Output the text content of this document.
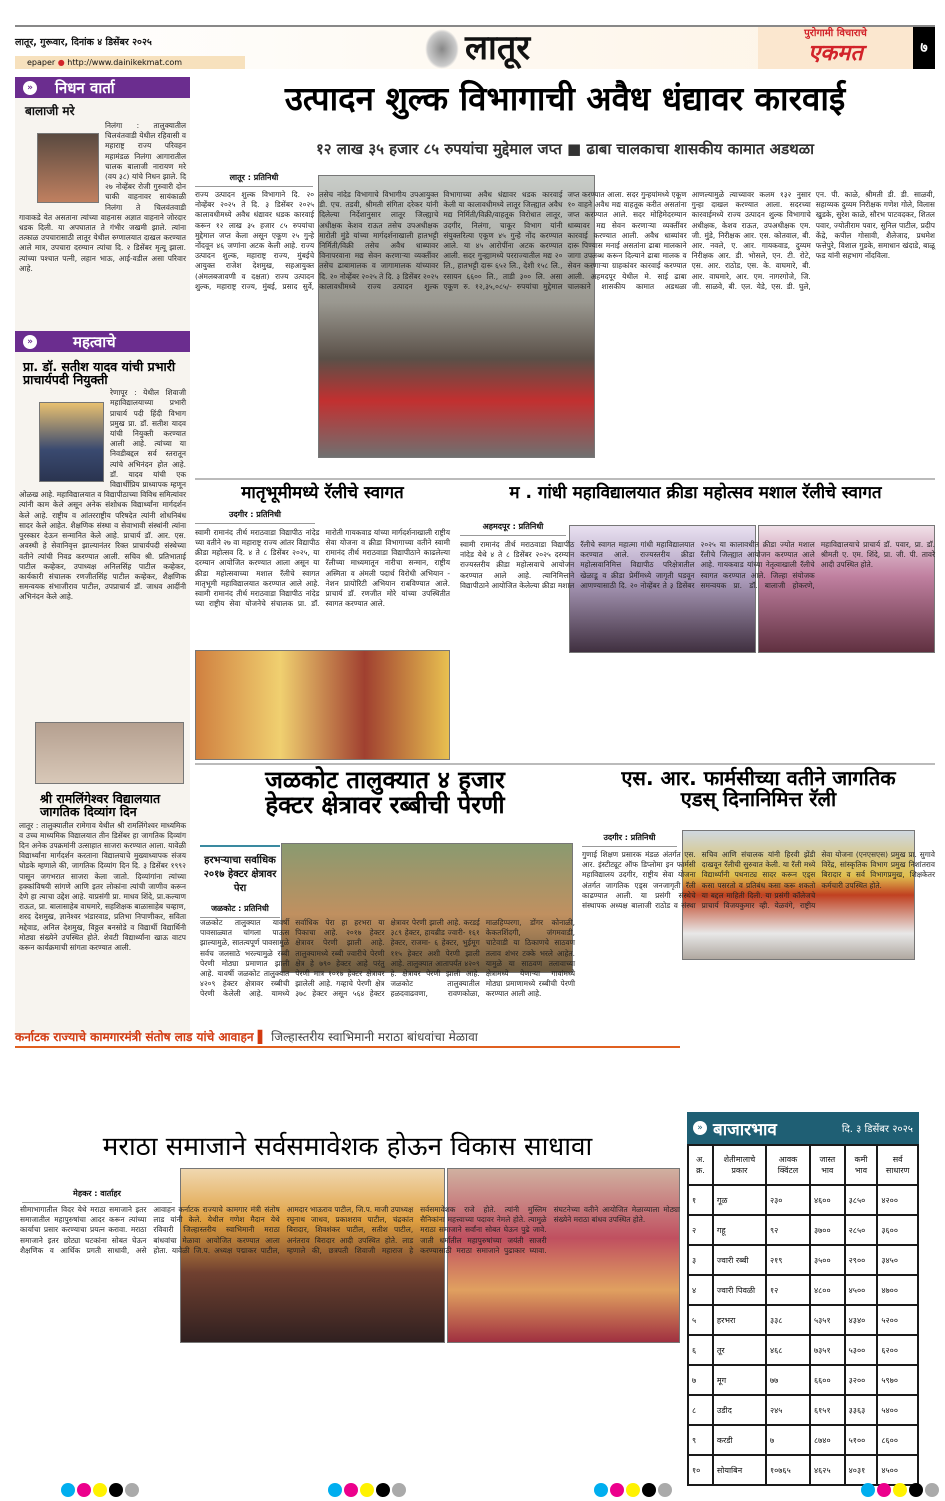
लातूर, गुरूवार, दिनांक ४ डिसेंबर २०२५
epaper ● http://www.dainikekmat.com	लातूर	पुरोगामी विचाराचे
एकमत	७
» निधन वार्ता
बालाजी मरे
निलंगा : तालुक्यातील चिलवंतवाडी येथील रहिवासी व महाराष्ट्र राज्य परिवहन महामंडळ निलंगा आगारातील चालक बालाजी नारायण मरे (वय ३८) यांचे निधन झाले. दि २७ नोव्हेंबर रोजी गुरुवारी दोन चाकी वाहनावर सायंकाळी निलंगा ते चिलवंतवाडी गावाकडे येत असताना त्यांच्या वाहनास अज्ञात वाहनाने जोरदार धडक दिली. या अपघातात ते गंभीर जखमी झाले. त्यांना तत्काळ उपचारासाठी लातूर येथील रुग्णालयात दाखल करण्यात आले मात्र, उपचारा दरम्यान त्यांचा दि. २ डिसेंबर मृत्यू झाला. त्यांच्या पश्चात पत्नी, लहान भाऊ, आई-वडील असा परिवार आहे.
»	महत्वाचे
प्रा. डॉ. सतीश यादव यांची प्रभारी प्राचार्यपदी नियुक्ती
रेणापूर : येथील शिवाजी महाविद्यालयाच्या प्रभारी प्राचार्य पदी हिंदी विभाग प्रमुख प्रा. डॉ. सतीश यादव यांची नियुक्ती करण्यात आली आहे. त्यांच्या या निवडीबद्दल सर्व स्तरातून त्यांचे अभिनंदन होत आहे. डॉ. यादव यांची एक विद्यार्थीप्रिय प्राध्यापक म्हणून ओळख आहे. महाविद्यालयात व विद्यापीठाच्या विविध समित्यांवर त्यांनी काम केले असून अनेक संशोधक विद्यार्थ्यांना मार्गदर्शन केले आहे. राष्ट्रीय व आंतरराष्ट्रीय परिषदेत त्यांनी शोधनिबंध सादर केले आहेत. शैक्षणिक संस्था व सेवाभावी संस्थांनी त्यांना पुरस्कार देऊन सन्मानित केले आहे. प्राचार्य डॉ. आर. एस. अवस्थी हे सेवानिवृत्त झाल्यानंतर रिक्त प्राचार्यपदी संस्थेच्या वतीने त्यांची निवड करण्यात आली. सचिव श्री. प्रतिभाताई पाटील कव्हेकर, उपाध्यक्ष अनिलसिंह पाटील कव्हेकर, कार्यकारी संचालक रणजीतसिंह पाटील कव्हेकर, शैक्षणिक समन्वयक संभाजीराव पाटील, उपप्राचार्य डॉ. जाधव आदींनी अभिनंदन केले आहे.
श्री रामलिंगेश्वर विद्यालयात जागतिक दिव्यांग दिन
लातूर : तालुक्यातील रामेगाव येथील श्री रामलिंगेश्वर माध्यमिक व उच्च माध्यमिक विद्यालयात तीन डिसेंबर हा जागतिक दिव्यांग दिन अनेक उपक्रमांनी उत्साहात साजरा करण्यात आला. यावेळी विद्यार्थ्यांना मार्गदर्शन करताना विद्यालयाचे मुख्याध्यापक संजय घोडके म्हणाले की, जागतिक दिव्यांग दिन दि. ३ डिसेंबर १९९२ पासून जगभरात साजरा केला जातो. दिव्यांगांना त्यांच्या हक्कांविषयी सांगणे आणि इतर लोकांना त्यांची जाणीव करून देणे हा त्याचा उद्देश आहे. याप्रसंगी प्रा. माधव शिंदे, प्रा.कल्याण राऊत, प्रा. बालासाहेब वाघमारे, सहशिक्षक बाळासाहेब चव्हाण, शरद देशमुख, ज्ञानेश्वर भंडारवाड, प्रतिभा निपाणीकर, सविता मद्देवाड, अनिल देशमुख, विठ्ठल बनसोडे व विद्यार्थी विद्यार्थिनी मोठ्या संख्येने उपस्थित होते. शेवटी विद्यार्थ्यांना खाऊ वाटप करून कार्यक्रमाची सांगता करण्यात आली.
उत्पादन शुल्क विभागाची अवैध धंद्यावर कारवाई
१२ लाख ३५ हजार ८५ रुपयांचा मुद्देमाल जप्त ■ ढाबा चालकाचा शासकीय कामात अडथळा
लातूर : प्रतिनिधी
राज्य उत्पादन शुल्क विभागाने दि. २० नोव्हेंबर २०२५ ते दि. ३ डिसेंबर २०२५ कालावधीमध्ये अवैध धंद्यावर धडक कारवाई करून १२ लाख ३५ हजार ८५ रुपयांचा मुद्देमाल जप्त केला असून एकूण २५ गुन्हे नोंदवून ४६ जणांना अटक केली आहे. राज्य उत्पादन शुल्क, महाराष्ट्र राज्य, मुंबईचे आयुक्त राजेश देशमुख, सहआयुक्त (अंमलबजावणी व दक्षता) राज्य उत्पादन शुल्क, महाराष्ट्र राज्य, मुंबई, प्रसाद सुर्वे, तसेच नांदेड विभागाचे विभागीय उपआयुक्त डी. एच. तडवी, श्रीमती संगिता दरेकर यांनी दिलेल्या निर्देशानुसार लातूर जिल्ह्याचे अधीक्षक केशव राऊत तसेच उपअधीक्षक मारोती मुंडे यांच्या मार्गदर्शनाखाली हातभट्टी निर्मिती/विक्री तसेच अवैध धाब्यावर विनापरवाना मद्य सेवन करणाऱ्या व्यक्तींवर तसेच ढाबामालक व जागामालक यांच्यावर दि. २० नोव्हेंबर २०२५ ते दि. ३ डिसेंबर २०२५ कालावधीमध्ये राज्य उत्पादन शुल्क विभागाच्या अवैध धंद्यावर धडक कारवाई केली या कालावधीमध्ये लातूर जिल्ह्यात अवैध मद्य निर्मिती/विक्री/वाहतूक विरोधात लातूर, उदगीर, निलंगा, चाकूर विभाग यांनी संयुक्तरित्या एकूण ४५ गुन्हे नोंद करण्यात आले. या ४५ आरोपींना अटक करण्यात आली. सदर गुन्ह्यामध्ये परराज्यातील मद्य २० लि., हातभट्टी दारू ६५२ लि., देशी १५८ लि., रसायन ६६०० लि., ताडी ३०० लि. असा एकूण रु. १२,३५,०८५/- रुपयांचा मुद्देमाल जप्त करण्यात आला. सदर गुन्हयांमध्ये एकूण १० वाहने अवैध मद्य वाहतूक करीत असतांना जप्त करण्यात आले. सदर मोहिमेदरम्यान धाब्यावर मद्य सेवन करणाऱ्या व्यक्तींवर कारवाई करण्यात आली. अवैध धाब्यांवर दारू पिण्यास मनाई असतांना ढाबा मालकाने जागा उपलब्ध करून दिल्याने ढाबा मालक व सेवन करणाऱ्या ग्राहकांवर कारवाई करण्यात आली. अहमदपूर येथील मे. साई ढाबा चालकाने शासकीय कामात अडथळा आणल्यामुळे त्याच्यावर कलम १३२ नुसार गुन्हा दाखल करण्यात आला. सदरच्या कारवाईमध्ये राज्य उत्पादन शुल्क विभागाचे अधीक्षक, केशव राऊत, उपअधीक्षक एम. जी. मुंडे, निरीक्षक आर. एस. कोतवाल, बी. आर. नवले, ए. आर. गायकवाड, दुय्यम निरीक्षक आर. डी. भोसले, एन. टी. रोटे, एस. आर. राठोड, एस. के. वाघमारे, बी. आर. वाघमारे, आर. एम. नागरगोजे, जि. जी. साळवे, बी. एल. येडे, एस. डी. घुले, एन. पी. काळे, श्रीमती डी. डी. साळवी, सहाय्यक दुय्यम निरीक्षक गणेश गोले, विलास खुडके, सुरेश काळे, सौरभ पाटवदकर, शितल पवार, ज्योतीराम पवार, सुनिल पाटील, प्रदीप केंद्रे, कपील गोसावी, शैलेजाद, प्रथमेश फत्तेपुरे, विशाल गुडके, समाधान खंदाडे, बाळू फड यांनी सहभाग नोंदविला.
मातृभूमीमध्ये रॅलीचे स्वागत
उदगीर : प्रतिनिधी
स्वामी रामानंद तीर्थ मराठवाडा विद्यापीठ नांदेड च्या वतीने २७ वा महाराष्ट्र राज्य आंतर विद्यापीठ क्रीडा महोत्सव दि. ४ ते ८ डिसेंबर २०२५, या दरम्यान आयोजित करण्यात आला असून या क्रीडा महोत्सवाच्या मशाल रॅलीचे स्वागत मातृभूमी महाविद्यालयात करण्यात आले आहे. स्वामी रामानंद तीर्थ मराठवाडा विद्यापीठ नांदेड च्या राष्ट्रीय सेवा योजनेचे संचालक प्रा. डॉ. मारोती गायकवाड यांच्या मार्गदर्शनाखाली राष्ट्रीय सेवा योजना व क्रीडा विभागाच्या वतीने स्वामी रामानंद तीर्थ मराठवाडा विद्यापीठाने काढलेल्या रॅलीच्या माध्यमातून नारीचा सन्मान, राष्ट्रीय अस्मिता व अंमली पदार्थ विरोधी अभियान - नेशन प्रायोरिटी अभियान राबविण्यात आले. प्राचार्य डॉ. रणजीत मोरे यांच्या उपस्थितीत स्वागत करण्यात आले.
म . गांधी महाविद्यालयात क्रीडा महोत्सव मशाल रॅलीचे स्वागत
अहमदपूर : प्रतिनिधी
स्वामी रामानंद तीर्थ मराठवाडा विद्यापीठ नांदेड येथे ४ ते ८ डिसेंबर २०२५ दरम्यान राज्यस्तरीय क्रीडा महोत्सवाचे आयोजन करण्यात आले आहे. त्यानिमित्ताने विद्यापीठाने आयोजित केलेल्या क्रीडा मशाल रॅलीचे स्वागत महात्मा गांधी महाविद्यालयात करण्यात आले. राज्यस्तरीय क्रीडा महोत्सवानिमित्त विद्यापीठ परिक्षेत्रातील खेळाडू व क्रीडा प्रेमींमध्ये जागृती घडवून आणण्यासाठी दि. २० नोव्हेंबर ते ३ डिसेंबर २०२५ या कालावधीत क्रीडा ज्योत मशाल रॅलीचे जिल्ह्यात आयोजन करण्यात आले आहे. गायकवाड यांच्या नेतृत्वाखाली रॅलीचे स्वागत करण्यात आले. जिल्हा संयोजक समन्वयक प्रा. डॉ. बालाजी होकरणे, महाविद्यालयाचे प्राचार्य डॉ. पवार, प्रा. डॉ. श्रीमती ए. एम. शिंदे, प्रा. जी. पी. तावरे आदी उपस्थित होते.
जळकोट तालुक्यात ४ हजार हेक्टर क्षेत्रावर रब्बीची पेरणी
हरभऱ्याचा सर्वाधिक २०१७ हेक्टर क्षेत्रावर पेरा
जळकोट : प्रतिनिधी
जळकोट तालुक्यात यावर्षी पावसाळ्यात चांगला पाऊस झाल्यामुळे, सातत्यपूर्ण पावसामुळे सर्वच जलसाठे भरल्यामुळे रब्बी पेरणी मोठ्या प्रमाणात झाली आहे. यावर्षी जळकोट तालुक्यात ४२०९ हेक्टर क्षेत्रावर रब्बीची पेरणी केलेली आहे. यामध्ये सर्वाधिक पेरा हा हरभरा या पिकाचा आहे. २०१७ हेक्टर क्षेत्रावर पेरणी झाली आहे. तालुक्यामध्ये रब्बी ज्वारीचे पेरणी क्षेत्र हे ७९० हेक्टर आहे परंतु पेरणी मात्र १०१७ हेक्टर क्षेत्रावर झालेली आहे. गव्हाचे पेरणी क्षेत्र ३७८ हेक्टर असून ५६४ हेक्टर क्षेत्रावर पेरणी झाली आहे. करडई ३८९ हेक्टर, हायब्रीड ज्वारी- १६१ हेक्टर, राजमा- ६ हेक्टर, भुईमूग ११५ हेक्टर अशी पेरणी झाली आहे. तालुक्यात आतापर्यंत ४२०९ हे. क्षेत्रावर पेरणी झाली आहे. जळकोट तालुक्यातील हळदवाढवणा, रावणकोळा, माळहिप्परगा, डोंगर कोनाळी, केकतशिंदगी, जंगमवाडी, चाटेवाडी या ठिकाणचे साठवण तलाव शंभर टक्के भरले आहेत. यामुळे या साठवण तलावाच्या क्षेत्रामध्ये येणाऱ्या गावांमध्ये मोठ्या प्रमाणामध्ये रब्बीची पेरणी करण्यात आली आहे.
एस. आर. फार्मसीच्या वतीने जागतिक एडस् दिनानिमित्त रॅली
उदगीर : प्रतिनिधी
गुणाई शिक्षण प्रसारक मंडळ अंतर्गत एस. आर. इंस्टीट्यूट ऑफ डिप्लोमा इन फार्मसी महाविद्यालय उदगीर, राष्ट्रीय सेवा योजना अंतर्गत जागतिक एड्स जनजागृती रॅली काढण्यात आली. या प्रसंगी संस्थेचे संस्थापक अध्यक्ष बालाजी राठोड व संस्था सचिव आणि संचालक यांनी हिरवी झेंडी दाखवून रॅलीची सुरुवात केली. या रॅली मध्ये विद्यार्थ्यांनी पथनाट्य सादर करून एड्स कसा पसरतो व प्रतिबंध कसा करू शकतो या बद्दल माहिती दिली. या प्रसंगी कॉलेजचे प्राचार्य विजयकुमार व्ही. येळवंगे, राष्ट्रीय सेवा योजना (एनएसएस) प्रमुख प्रा. सुगावे विरेंद्र, सांस्कृतिक विभाग प्रमुख निशांतराव बिरादार व सर्व विभागप्रमुख, शिक्षकेतर कर्मचारी उपस्थित होते.
कर्नाटक राज्याचे कामगारमंत्री संतोष लाड यांचे आवाहन ▌ जिल्हास्तरीय स्वाभिमानी मराठा बांधवांचा मेळावा
मराठा समाजाने सर्वसमावेशक होऊन विकास साधावा
मेहकर : वार्ताहर
सीमाभागातील विदर येथे मराठा समाजाने इतर समाजातील महापुरुषांचा आदर करून त्यांच्या कार्याचा प्रसार करण्याचा प्रयत्न करावा. मराठा समाजाने इतर छोट्या घटकांना सोबत घेऊन शैक्षणिक व आर्थिक प्रगती साधावी, असे आवाहन कर्नाटक राज्याचे कामगार मंत्री संतोष लाड यांनी केले. येथील गणेश मैदान येथे रविवारी जिल्हास्तरीय स्वाभिमानी मराठा बांधवांचा मेळावा आयोजित करण्यात आला होता. यावेळी जि.प. अध्यक्ष पद्माकर पाटील, आमदार भाऊराव पाटील, जि.प. माजी उपाध्यक्ष रघुनाथ जाधव, प्रकाशराव पाटील, चंद्रकांत बिरादार, शिवशंकर पाटील, सतीश पाटील, अनंतराव बिरादार आदी उपस्थित होते. लाड म्हणाले की, छत्रपती शिवाजी महाराज हे सर्वसमावेशक राजे होते. त्यांनी मुस्लिम सैनिकांना महत्त्वाच्या पदावर नेमले होते. त्यामुळे मराठा समाजाने सर्वांना सोबत घेऊन पुढे जावे. जाती धर्मातील महापुरुषांच्या जयंती साजरी करण्यासाठी मराठा समाजाने पुढाकार घ्यावा. संघटनेच्या वतीने आयोजित मेळाव्याला मोठ्या संख्येने मराठा बांधव उपस्थित होते.
» बाजारभाव	दि. ३ डिसेंबर २०२५
अ. क्र.	शेतीमालाचे प्रकार	आवक क्विंटल	जास्त भाव	कमी भाव	सर्व साधारण
१	गूळ	२३०	४६००	३८५०	४२००
२	गहू	९२	३७००	२८५०	३६००
३	ज्वारी रब्बी	२१९	३५००	२९००	३४५०
४	ज्वारी पिवळी	१२	४८००	४५००	४७००
५	हरभरा	३३८	५३५१	४३४०	५२००
६	तूर	४६८	७३५१	५३००	६२००
७	मूग	७७	६६००	३२००	५९७०
८	उडीद	२४५	६१५१	३३६३	५४००
९	करडी	७	८७४०	५१००	८६००
१०	सोयाबिन	१०७६५	४६२५	४०३१	४५००
